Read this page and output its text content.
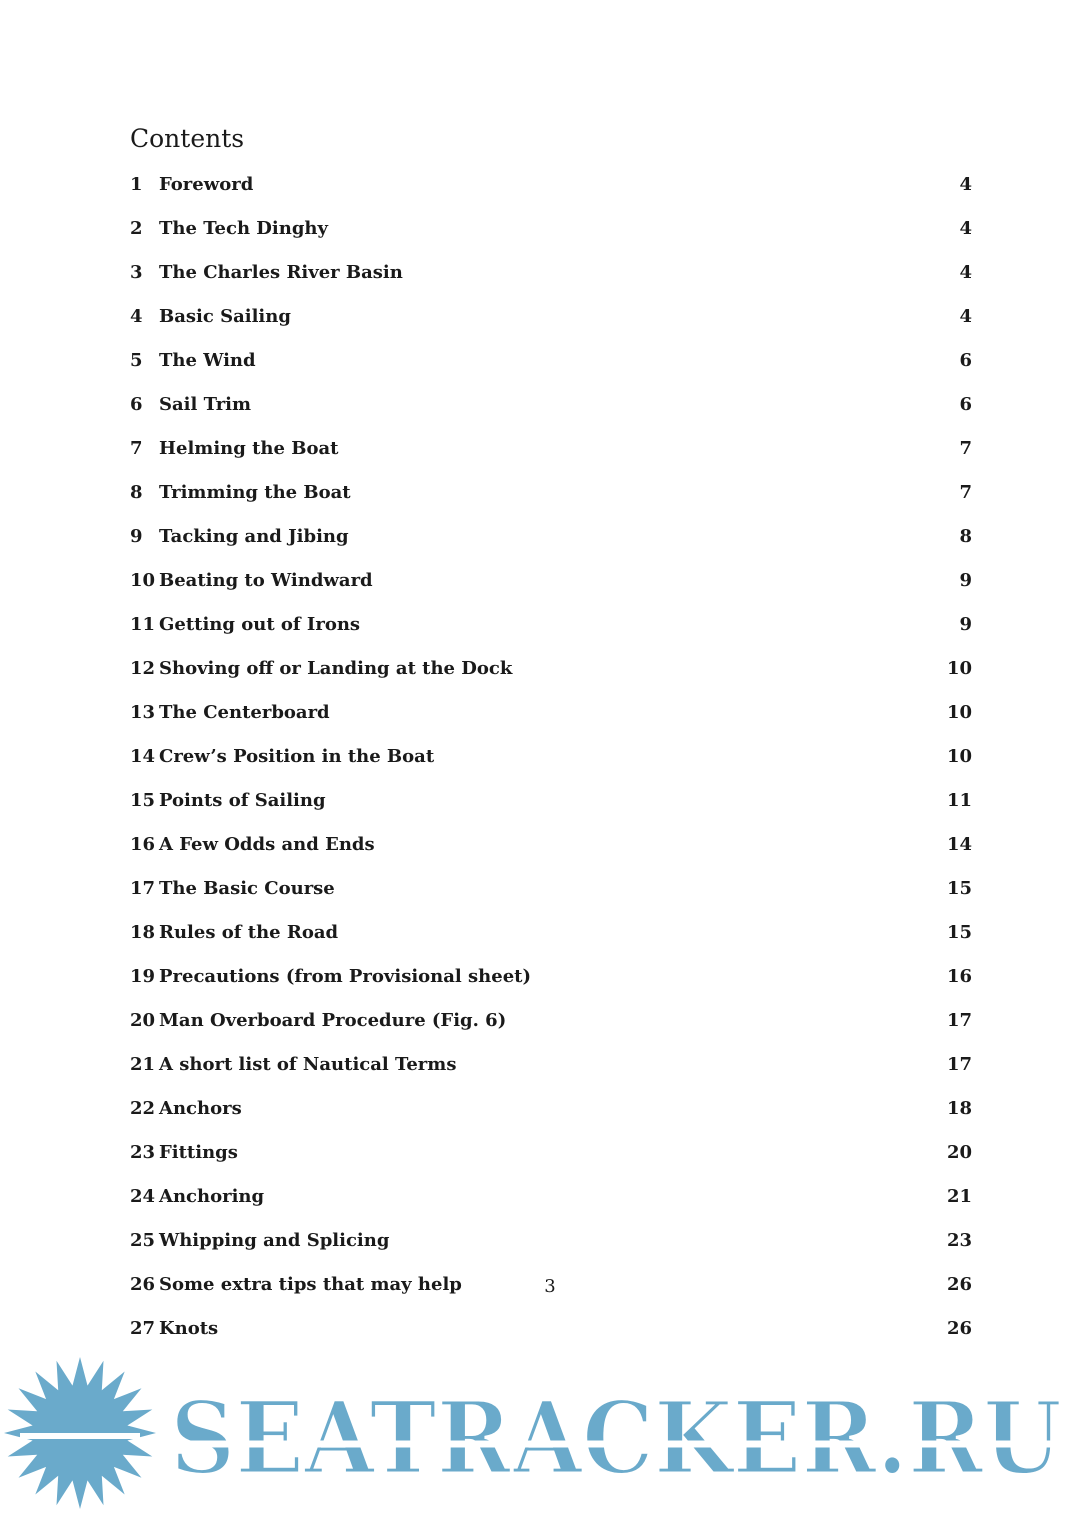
Contents
1 Foreword	4
2 The Tech Dinghy	4
3 The Charles River Basin	4
4 Basic Sailing	4
5 The Wind	6
6 Sail Trim	6
7 Helming the Boat	7
8 Trimming the Boat	7
9 Tacking and Jibing	8
10 Beating to Windward	9
11 Getting out of Irons	9
12 Shoving off or Landing at the Dock	10
13 The Centerboard	10
14 Crew’s Position in the Boat	10
15 Points of Sailing	11
16 A Few Odds and Ends	14
17 The Basic Course	15
18 Rules of the Road	15
19 Precautions (from Provisional sheet)	16
20 Man Overboard Procedure (Fig. 6)	17
21 A short list of Nautical Terms	17
22 Anchors	18
23 Fittings	20
24 Anchoring	21
25 Whipping and Splicing	23
26 Some extra tips that may help	26
27 Knots	26
3
SEATRACKER.RU
